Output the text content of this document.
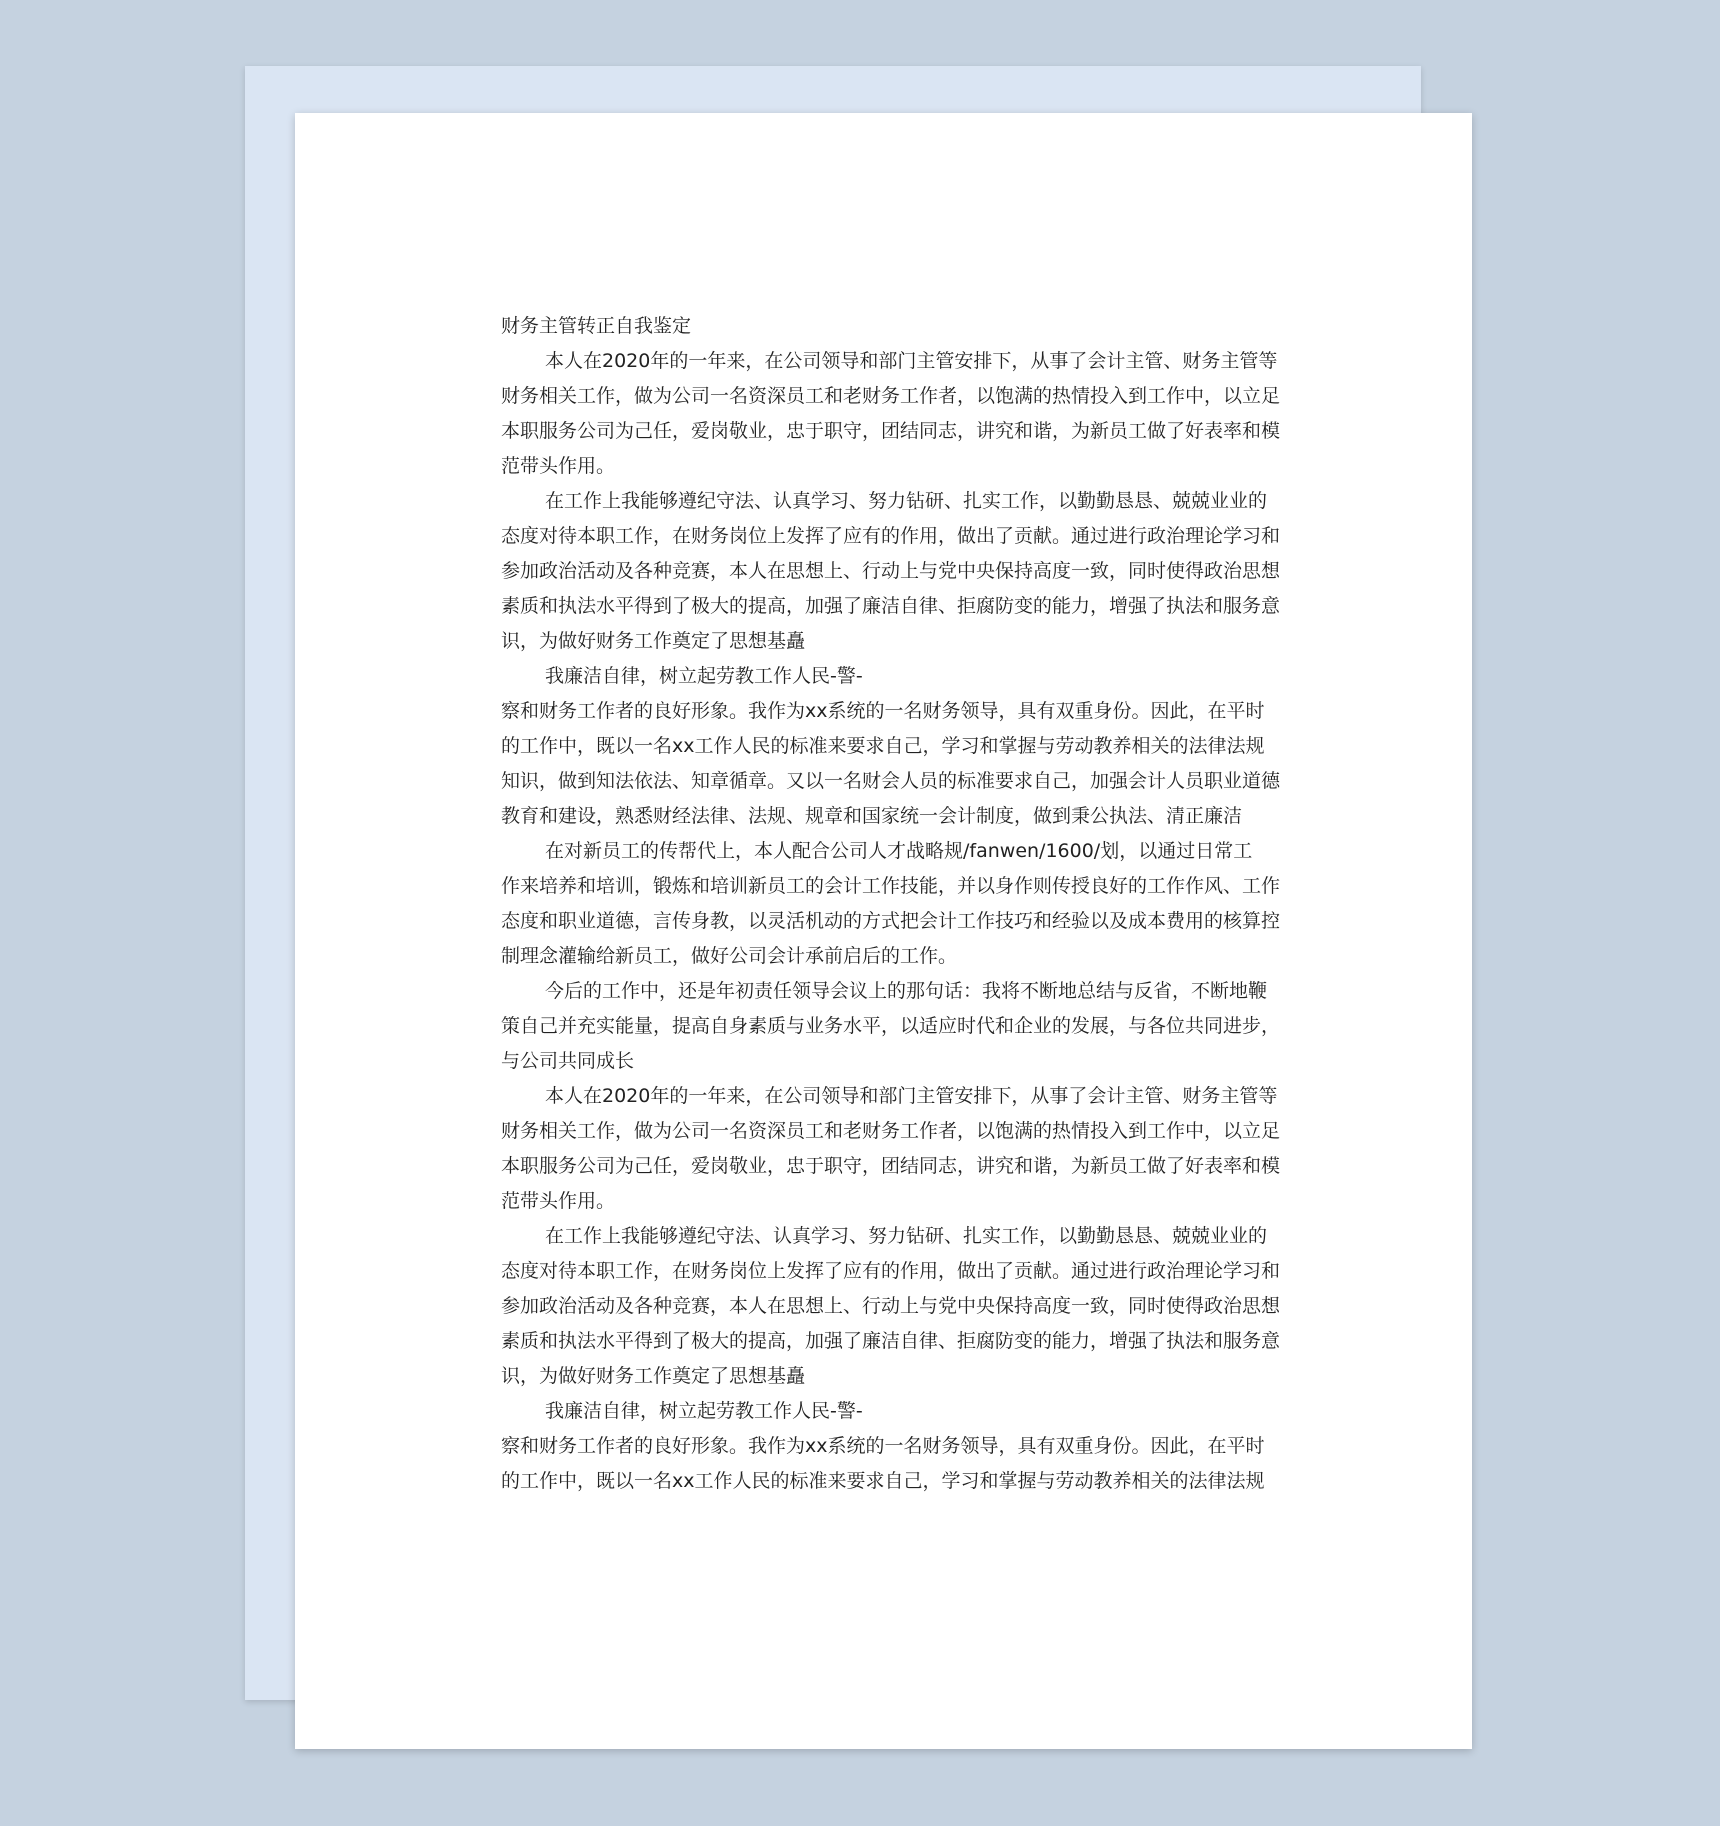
财务主管转正自我鉴定
本人在2020年的一年来，在公司领导和部门主管安排下，从事了会计主管、财务主管等
财务相关工作，做为公司一名资深员工和老财务工作者，以饱满的热情投入到工作中，以立足
本职服务公司为己任，爱岗敬业，忠于职守，团结同志，讲究和谐，为新员工做了好表率和模
范带头作用。
在工作上我能够遵纪守法、认真学习、努力钻研、扎实工作，以勤勤恳恳、兢兢业业的
态度对待本职工作，在财务岗位上发挥了应有的作用，做出了贡献。通过进行政治理论学习和
参加政治活动及各种竞赛，本人在思想上、行动上与党中央保持高度一致，同时使得政治思想
素质和执法水平得到了极大的提高，加强了廉洁自律、拒腐防变的能力，增强了执法和服务意
识，为做好财务工作奠定了思想基矗
我廉洁自律，树立起劳教工作人民-警-
察和财务工作者的良好形象。我作为xx系统的一名财务领导，具有双重身份。因此，在平时
的工作中，既以一名xx工作人民的标准来要求自己，学习和掌握与劳动教养相关的法律法规
知识，做到知法依法、知章循章。又以一名财会人员的标准要求自己，加强会计人员职业道德
教育和建设，熟悉财经法律、法规、规章和国家统一会计制度，做到秉公执法、清正廉洁
在对新员工的传帮代上，本人配合公司人才战略规/fanwen/1600/划，以通过日常工
作来培养和培训，锻炼和培训新员工的会计工作技能，并以身作则传授良好的工作作风、工作
态度和职业道德，言传身教，以灵活机动的方式把会计工作技巧和经验以及成本费用的核算控
制理念灌输给新员工，做好公司会计承前启后的工作。
今后的工作中，还是年初责任领导会议上的那句话：我将不断地总结与反省，不断地鞭
策自己并充实能量，提高自身素质与业务水平，以适应时代和企业的发展，与各位共同进步，
与公司共同成长
本人在2020年的一年来，在公司领导和部门主管安排下，从事了会计主管、财务主管等
财务相关工作，做为公司一名资深员工和老财务工作者，以饱满的热情投入到工作中，以立足
本职服务公司为己任，爱岗敬业，忠于职守，团结同志，讲究和谐，为新员工做了好表率和模
范带头作用。
在工作上我能够遵纪守法、认真学习、努力钻研、扎实工作，以勤勤恳恳、兢兢业业的
态度对待本职工作，在财务岗位上发挥了应有的作用，做出了贡献。通过进行政治理论学习和
参加政治活动及各种竞赛，本人在思想上、行动上与党中央保持高度一致，同时使得政治思想
素质和执法水平得到了极大的提高，加强了廉洁自律、拒腐防变的能力，增强了执法和服务意
识，为做好财务工作奠定了思想基矗
我廉洁自律，树立起劳教工作人民-警-
察和财务工作者的良好形象。我作为xx系统的一名财务领导，具有双重身份。因此，在平时
的工作中，既以一名xx工作人民的标准来要求自己，学习和掌握与劳动教养相关的法律法规
